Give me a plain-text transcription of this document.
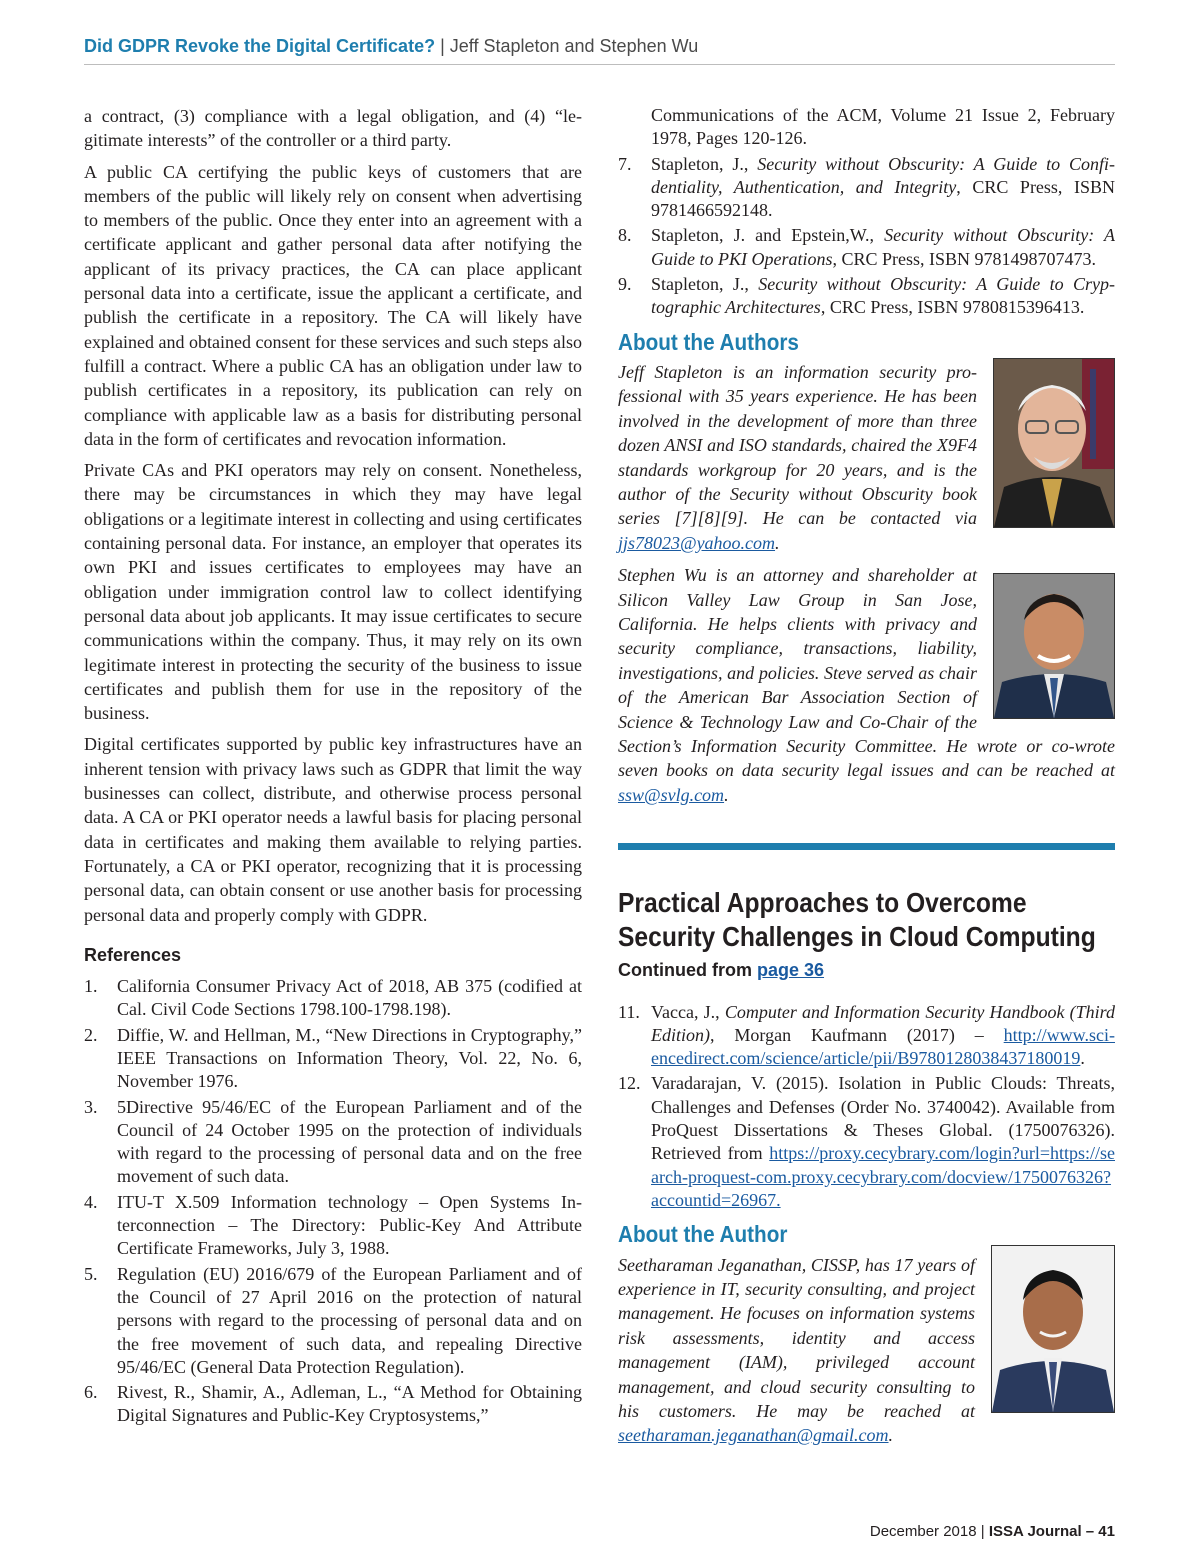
Did GDPR Revoke the Digital Certificate? | Jeff Stapleton and Stephen Wu

a contract, (3) compliance with a legal obligation, and (4) “legitimate interests” of the controller or a third party.

A public CA certifying the public keys of customers that are members of the public will likely rely on consent when advertising to members of the public. Once they enter into an agreement with a certificate applicant and gather personal data after notifying the applicant of its privacy practices, the CA can place applicant personal data into a certificate, issue the applicant a certificate, and publish the certificate in a repository. The CA will likely have explained and obtained consent for these services and such steps also fulfill a contract. Where a public CA has an obligation under law to publish certificates in a repository, its publication can rely on compliance with applicable law as a basis for distributing personal data in the form of certificates and revocation information.

Private CAs and PKI operators may rely on consent. Nonetheless, there may be circumstances in which they may have legal obligations or a legitimate interest in collecting and using certificates containing personal data. For instance, an employer that operates its own PKI and issues certificates to employees may have an obligation under immigration control law to collect identifying personal data about job applicants. It may issue certificates to secure communications within the company. Thus, it may rely on its own legitimate interest in protecting the security of the business to issue certificates and publish them for use in the repository of the business.

Digital certificates supported by public key infrastructures have an inherent tension with privacy laws such as GDPR that limit the way businesses can collect, distribute, and otherwise process personal data. A CA or PKI operator needs a lawful basis for placing personal data in certificates and making them available to relying parties. Fortunately, a CA or PKI operator, recognizing that it is processing personal data, can obtain consent or use another basis for processing personal data and properly comply with GDPR.

References
1. California Consumer Privacy Act of 2018, AB 375 (codified at Cal. Civil Code Sections 1798.100-1798.198).
2. Diffie, W. and Hellman, M., “New Directions in Cryptography,” IEEE Transactions on Information Theory, Vol. 22, No. 6, November 1976.
3. 5Directive 95/46/EC of the European Parliament and of the Council of 24 October 1995 on the protection of individuals with regard to the processing of personal data and on the free movement of such data.
4. ITU-T X.509 Information technology – Open Systems Interconnection – The Directory: Public-Key And Attribute Certificate Frameworks, July 3, 1988.
5. Regulation (EU) 2016/679 of the European Parliament and of the Council of 27 April 2016 on the protection of natural persons with regard to the processing of personal data and on the free movement of such data, and repealing Directive 95/46/EC (General Data Protection Regulation).
6. Rivest, R., Shamir, A., Adleman, L., “A Method for Obtaining Digital Signatures and Public-Key Cryptosystems,”
Communications of the ACM, Volume 21 Issue 2, February 1978, Pages 120-126.
7. Stapleton, J., Security without Obscurity: A Guide to Confidentiality, Authentication, and Integrity, CRC Press, ISBN 9781466592148.
8. Stapleton, J. and Epstein,W., Security without Obscurity: A Guide to PKI Operations, CRC Press, ISBN 9781498707473.
9. Stapleton, J., Security without Obscurity: A Guide to Cryptographic Architectures, CRC Press, ISBN 9780815396413.
About the Authors

Jeff Stapleton is an information security professional with 35 years experience. He has been involved in the development of more than three dozen ANSI and ISO standards, chaired the X9F4 standards workgroup for 20 years, and is the author of the Security without Obscurity book series [7][8][9]. He can be contacted via jjs78023@yahoo.com.

Stephen Wu is an attorney and shareholder at Silicon Valley Law Group in San Jose, California. He helps clients with privacy and security compliance, transactions, liability, investigations, and policies. Steve served as chair of the American Bar Association Section of Science & Technology Law and Co-Chair of the Section’s Information Security Committee. He wrote or co-wrote seven books on data security legal issues and can be reached at ssw@svlg.com.

Practical Approaches to Overcome Security Challenges in Cloud Computing
Continued from page 36
11. Vacca, J., Computer and Information Security Handbook (Third Edition), Morgan Kaufmann (2017) – http://www.sciencedirect.com/science/article/pii/B9780128038437180019.
12. Varadarajan, V. (2015). Isolation in Public Clouds: Threats, Challenges and Defenses (Order No. 3740042). Available from ProQuest Dissertations & Theses Global. (1750076326). Retrieved from https://proxy.cecybrary.com/login?url=https://search-proquest-com.proxy.cecybrary.com/docview/1750076326?accountid=26967.
About the Author

Seetharaman Jeganathan, CISSP, has 17 years of experience in IT, security consulting, and project management. He focuses on information systems risk assessments, identity and access management (IAM), privileged account management, and cloud security consulting to his customers. He may be reached at seetharaman.jeganathan@gmail.com.

December 2018 | ISSA Journal – 41
